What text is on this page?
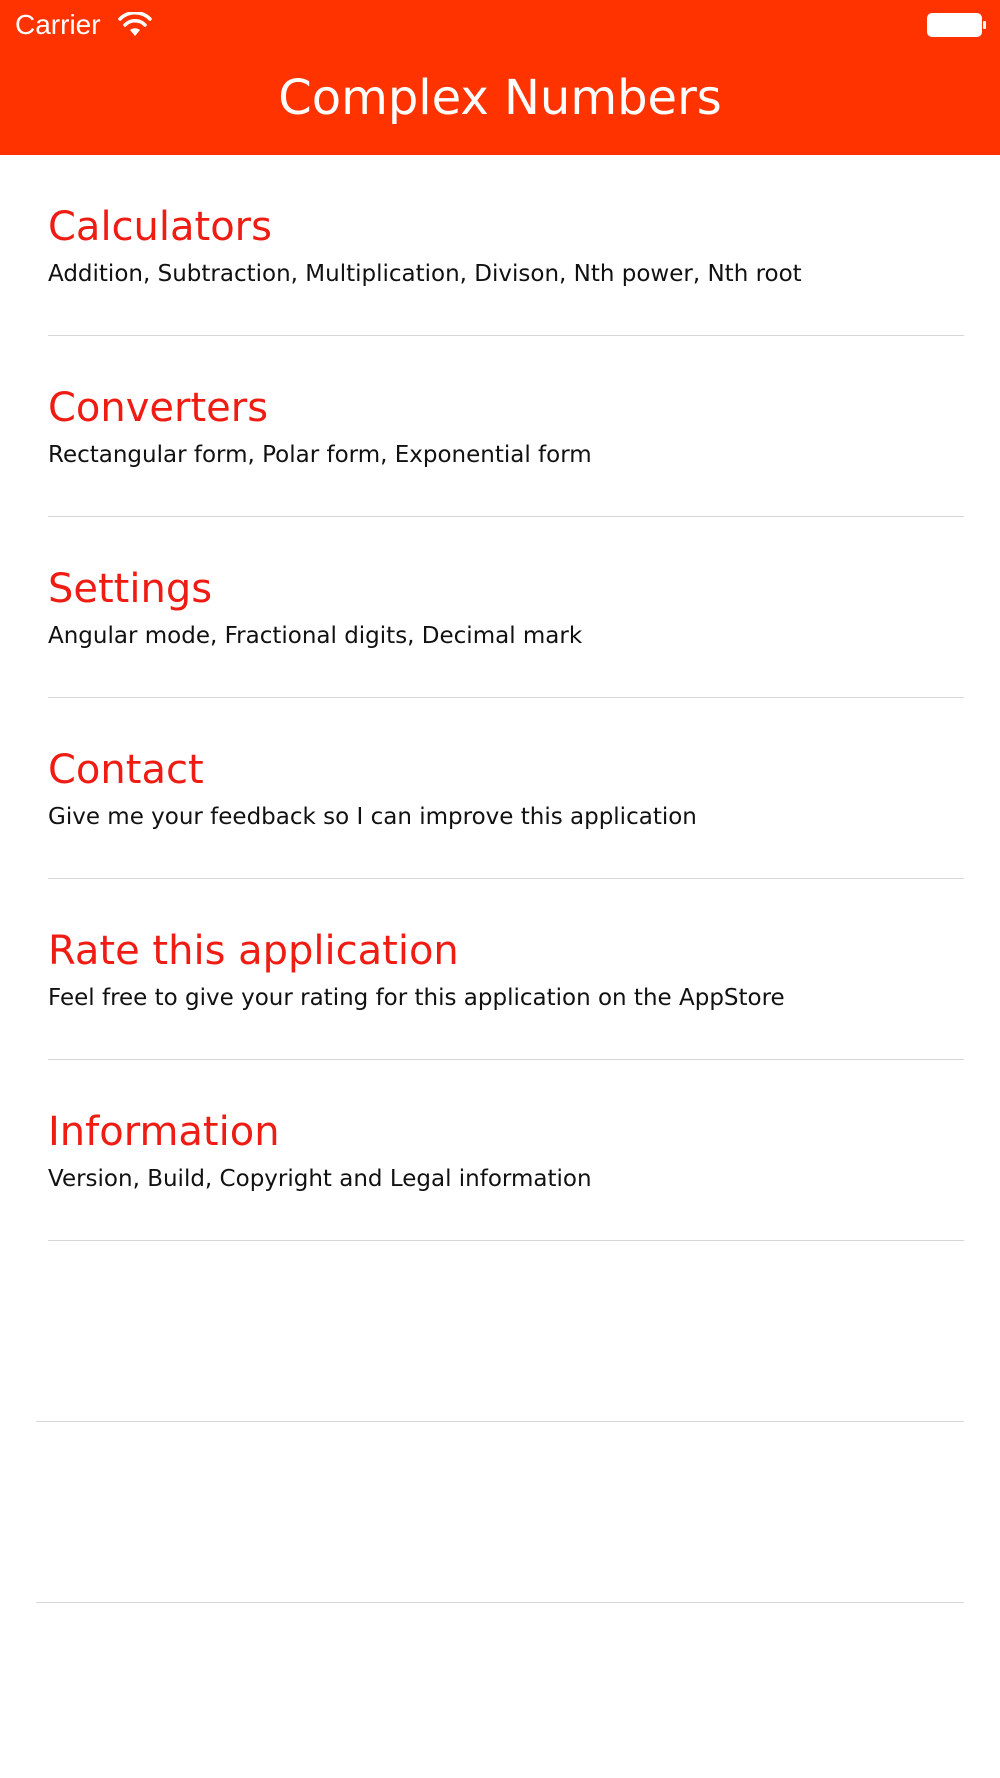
Carrier
Complex Numbers
Calculators
Addition, Subtraction, Multiplication, Divison, Nth power, Nth root
Converters
Rectangular form, Polar form, Exponential form
Settings
Angular mode, Fractional digits, Decimal mark
Contact
Give me your feedback so I can improve this application
Rate this application
Feel free to give your rating for this application on the AppStore
Information
Version, Build, Copyright and Legal information
